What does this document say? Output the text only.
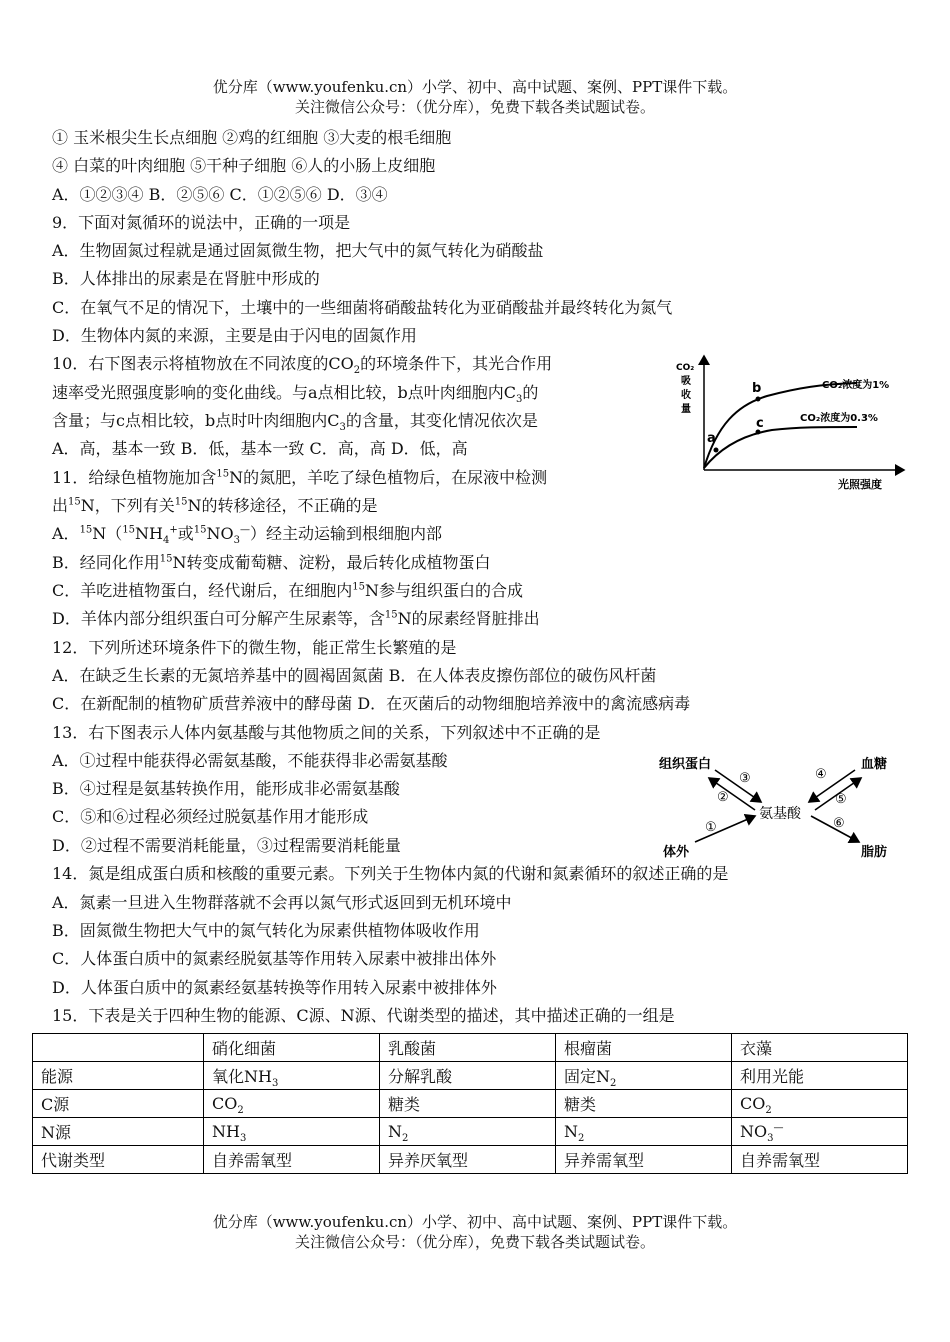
优分库（www.youfenku.cn）小学、初中、高中试题、案例、PPT课件下载。
关注微信公众号：（优分库），免费下载各类试题试卷。
① 玉米根尖生长点细胞 ②鸡的红细胞 ③大麦的根毛细胞
④ 白菜的叶肉细胞 ⑤干种子细胞 ⑥人的小肠上皮细胞
A．①②③④ B．②⑤⑥ C．①②⑤⑥ D．③④
9．下面对氮循环的说法中，正确的一项是
A．生物固氮过程就是通过固氮微生物，把大气中的氮气转化为硝酸盐
B．人体排出的尿素是在肾脏中形成的
C．在氧气不足的情况下，土壤中的一些细菌将硝酸盐转化为亚硝酸盐并最终转化为氮气
D．生物体内氮的来源，主要是由于闪电的固氮作用
10．右下图表示将植物放在不同浓度的$CO_2$的环境条件下，其光合作用
速率受光照强度影响的变化曲线。与a点相比较，b点叶肉细胞内$C_3$的
含量；与c点相比较，b点时叶肉细胞内$C_3$的含量，其变化情况依次是
A．高，基本一致 B．低，基本一致 C．高，高 D．低，高
CO₂
吸
收
量
b
c
a
CO₂浓度为1%
CO₂浓度为0.3%
光照强度
11．给绿色植物施加含$^{15}$N的氮肥，羊吃了绿色植物后，在尿液中检测
出$^{15}$N，下列有关$^{15}$N的转移途径，不正确的是
A．$^{15}N(^{15}NH_4^+$或$^{15}NO_3^—$）经主动运输到根细胞内部
B．经同化作用$^{15}$N转变成葡萄糖、淀粉，最后转化成植物蛋白
C．羊吃进植物蛋白，经代谢后，在细胞内$^{15}$N参与组织蛋白的合成
D．羊体内部分组织蛋白可分解产生尿素等，含$^{15}$N的尿素经肾脏排出
12．下列所述环境条件下的微生物，能正常生长繁殖的是
A．在缺乏生长素的无氮培养基中的圆褐固氮菌 B．在人体表皮擦伤部位的破伤风杆菌
C．在新配制的植物矿质营养液中的酵母菌 D．在灭菌后的动物细胞培养液中的禽流感病毒
13．右下图表示人体内氨基酸与其他物质之间的关系，下列叙述中不正确的是
A．①过程中能获得必需氨基酸，不能获得非必需氨基酸
B．④过程是氨基转换作用，能形成非必需氨基酸
C．⑤和⑥过程必须经过脱氨基作用才能形成
D．②过程不需要消耗能量，③过程需要消耗能量
组织蛋白	血糖
氨基酸
体外	脂肪
③
②
④
⑤
①	⑥
14．氮是组成蛋白质和核酸的重要元素。下列关于生物体内氮的代谢和氮素循环的叙述正确的是
A．氮素一旦进入生物群落就不会再以氮气形式返回到无机环境中
B．固氮微生物把大气中的氮气转化为尿素供植物体吸收作用
C．人体蛋白质中的氮素经脱氨基等作用转入尿素中被排出体外
D．人体蛋白质中的氮素经氨基转换等作用转入尿素中被排体外
15．下表是关于四种生物的能源、C源、N源、代谢类型的描述，其中描述正确的一组是
	硝化细菌	乳酸菌	根瘤菌	衣藻
能源	氧化$NH_3$	分解乳酸	固定$N_2$	利用光能
C源	$CO_2$	糖类	糖类	$CO_2$
N源	$NH_3$	$N_2$	$N_2$	$NO_3^—$
代谢类型	自养需氧型	异养厌氧型	异养需氧型	自养需氧型
优分库（www.youfenku.cn）小学、初中、高中试题、案例、PPT课件下载。
关注微信公众号：（优分库），免费下载各类试题试卷。
